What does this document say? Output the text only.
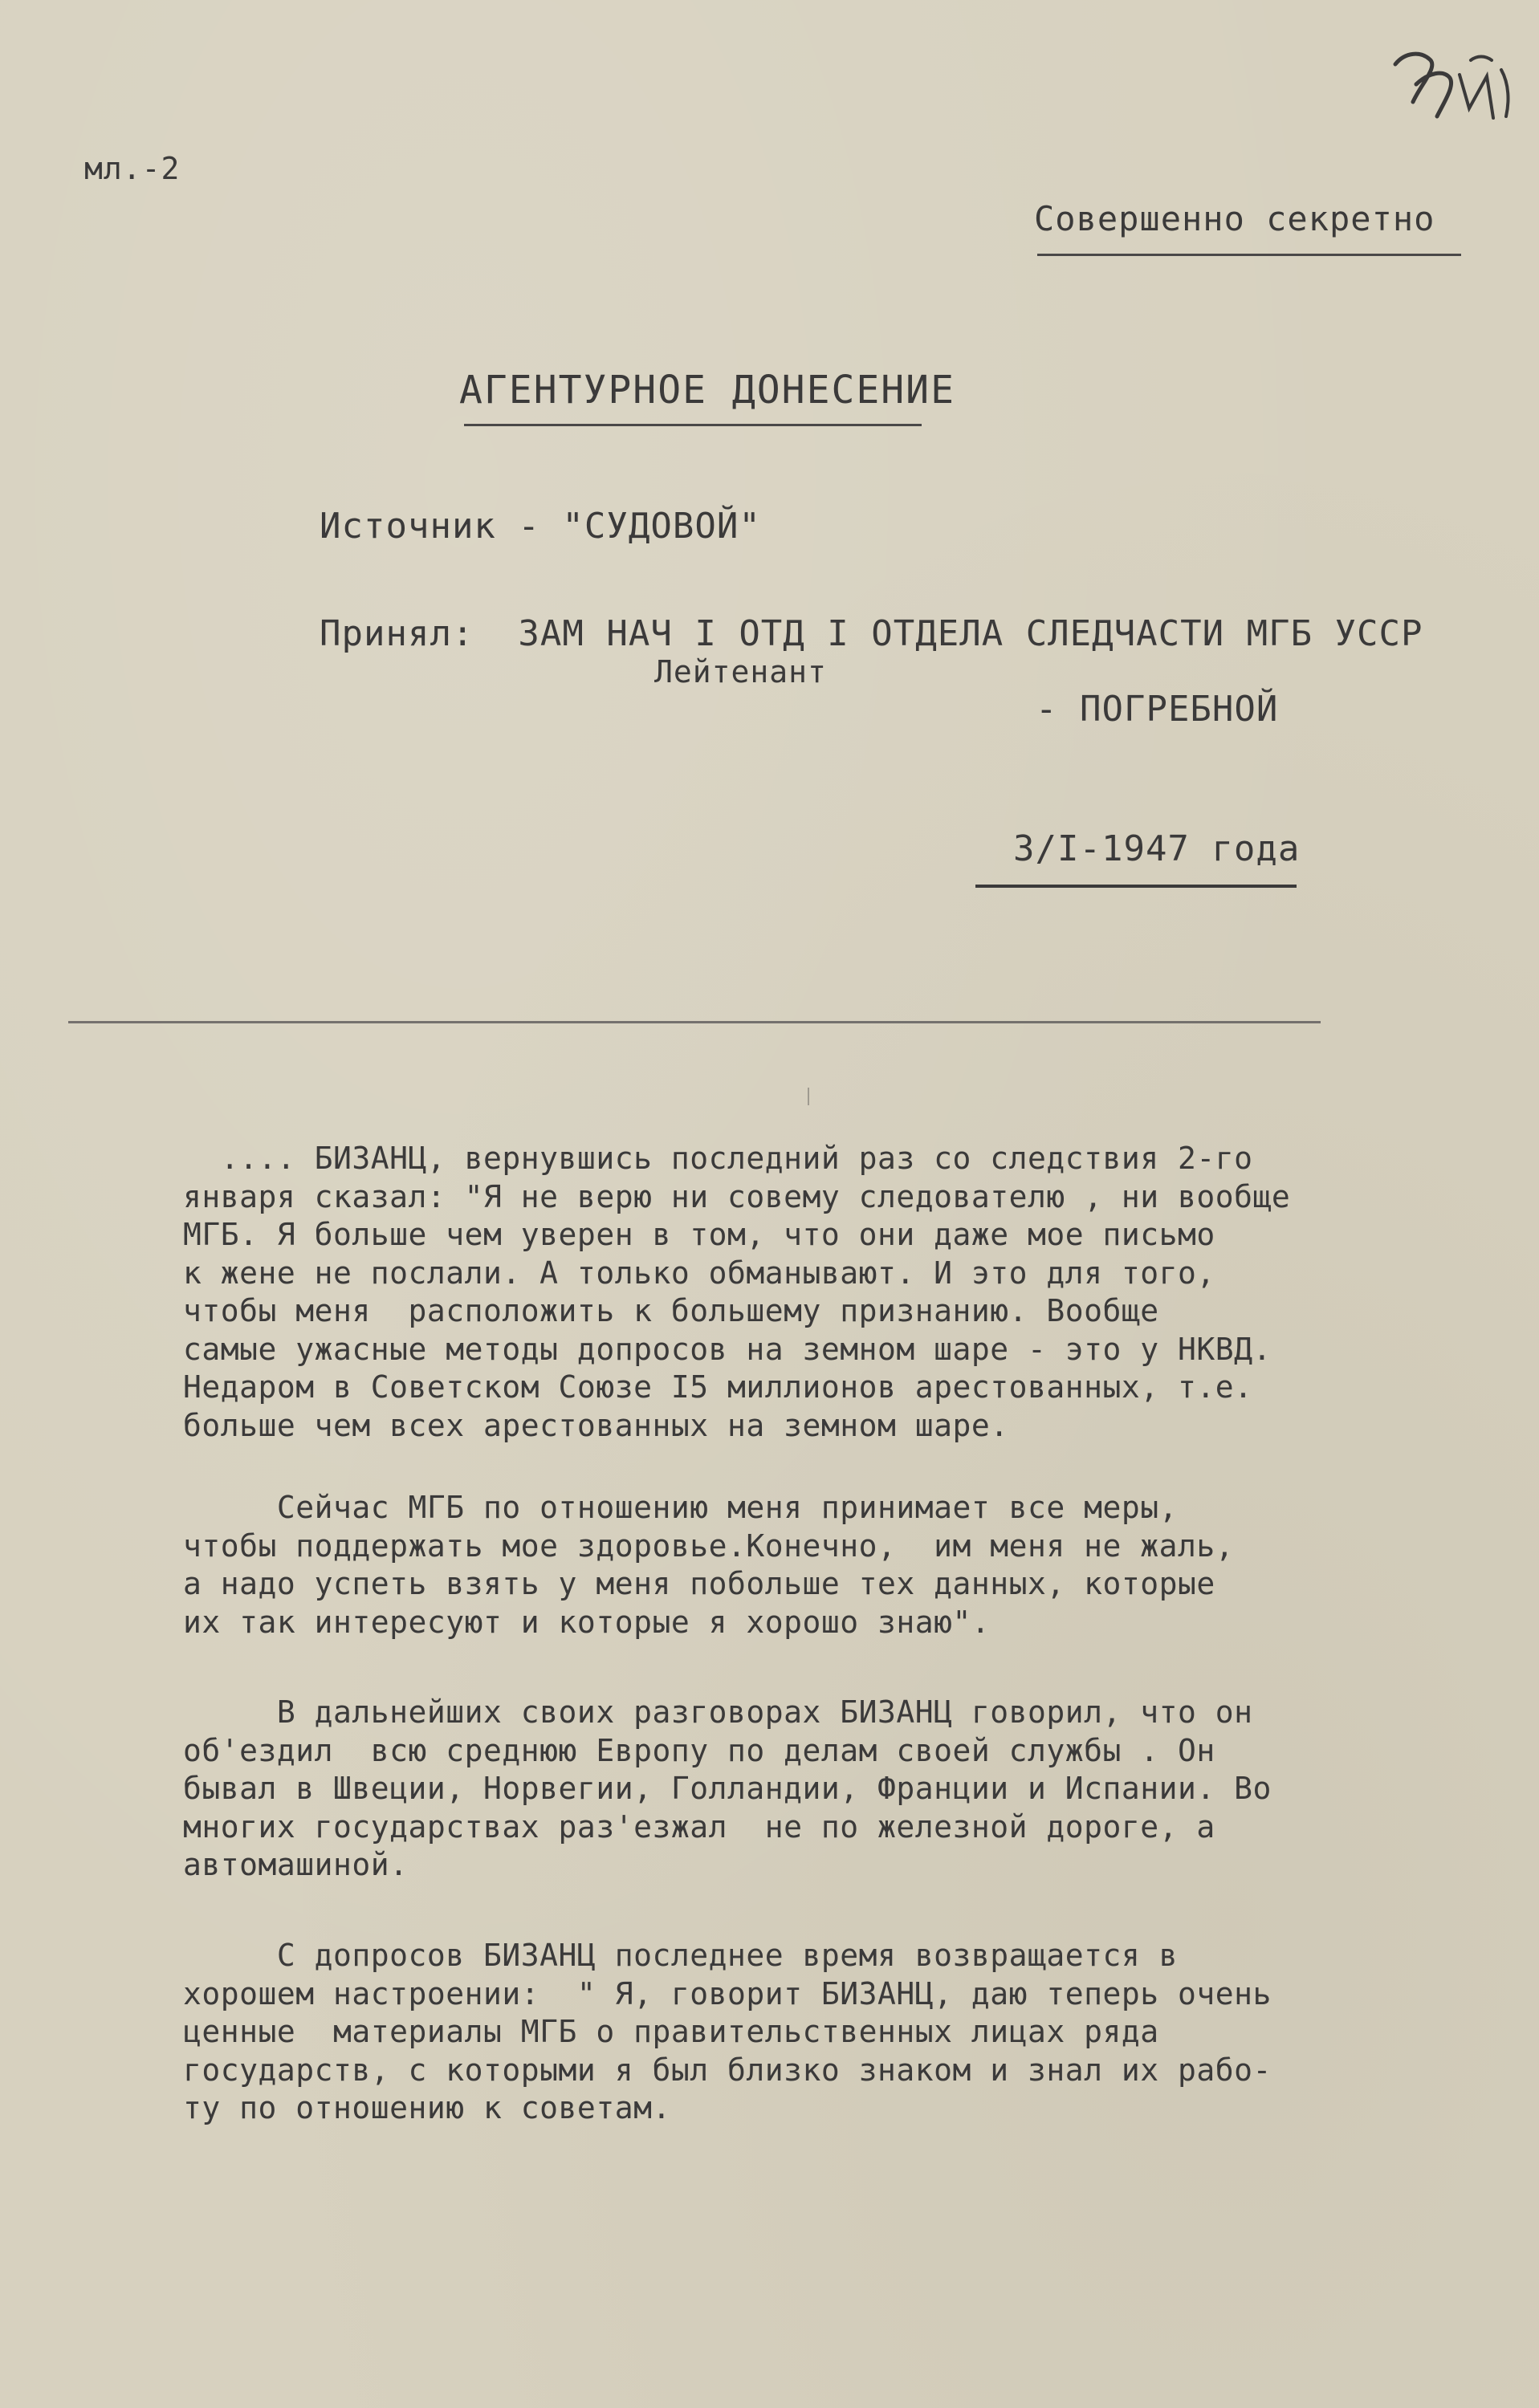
мл.-2
Совершенно секретно
АГЕНТУРНОЕ ДОНЕСЕНИЕ
Источник - "СУДОВОЙ"
Принял:  ЗАМ НАЧ I ОТД I ОТДЕЛА СЛЕДЧАСТИ МГБ УССР
Лейтенант
- ПОГРЕБНОЙ
3/I-1947 года

.... БИЗАНЦ, вернувшись последний раз со следствия 2-го

января сказал: "Я не верю ни совему следователю , ни вообще

МГБ. Я больше чем уверен в том, что они даже мое письмо

к жене не послали. А только обманывают. И это для того,

чтобы меня  расположить к большему признанию. Вообще

самые ужасные методы допросов на земном шаре - это у НКВД.

Недаром в Советском Союзе I5 миллионов арестованных, т.е.

больше чем всех арестованных на земном шаре.

Сейчас МГБ по отношению меня принимает все меры,

чтобы поддержать мое здоровье.Конечно,  им меня не жаль,

а надо успеть взять у меня побольше тех данных, которые

их так интересуют и которые я хорошо знаю".

В дальнейших своих разговорах БИЗАНЦ говорил, что он

об'ездил  всю среднюю Европу по делам своей службы . Он

бывал в Швеции, Норвегии, Голландии, Франции и Испании. Во

многих государствах раз'езжал  не по железной дороге, а

автомашиной.

С допросов БИЗАНЦ последнее время возвращается в

хорошем настроении:  " Я, говорит БИЗАНЦ, даю теперь очень

ценные  материалы МГБ о правительственных лицах ряда

государств, с которыми я был близко знаком и знал их рабо-

ту по отношению к советам.
